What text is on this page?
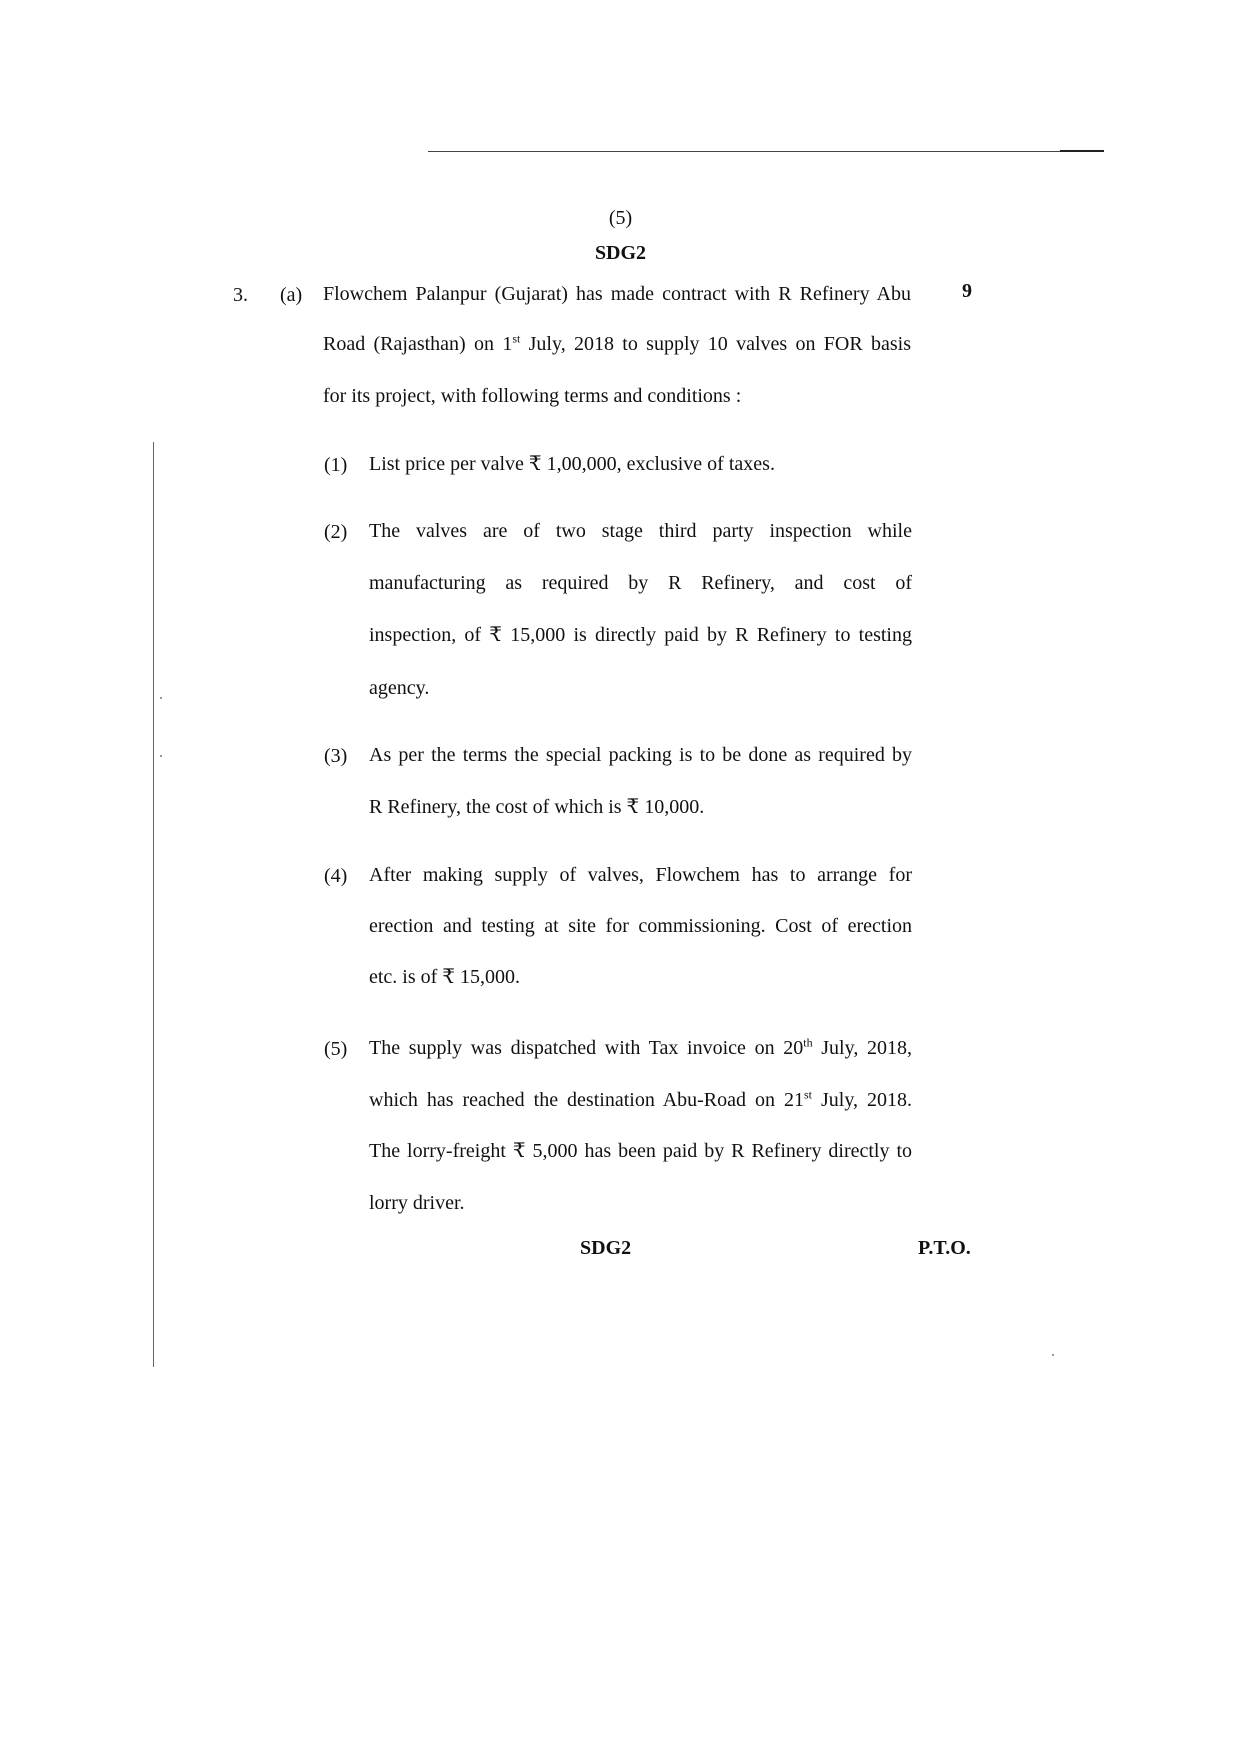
(5)
SDG2
3. (a)	9
Flowchem Palanpur (Gujarat) has made contract with R Refinery Abu
Road (Rajasthan) on 1st July, 2018 to supply 10 valves on FOR basis
for its project, with following terms and conditions :
(1) List price per valve ₹ 1,00,000, exclusive of taxes.
(2) The valves are of two stage third party inspection while
manufacturing as required by R Refinery, and cost of
inspection, of ₹ 15,000 is directly paid by R Refinery to testing
agency.
(3) As per the terms the special packing is to be done as required by
R Refinery, the cost of which is ₹ 10,000.
(4) After making supply of valves, Flowchem has to arrange for
erection and testing at site for commissioning. Cost of erection
etc. is of ₹ 15,000.
(5) The supply was dispatched with Tax invoice on 20th July, 2018,
which has reached the destination Abu-Road on 21st July, 2018.
The lorry-freight ₹ 5,000 has been paid by R Refinery directly to
lorry driver.
SDG2	P.T.O.
